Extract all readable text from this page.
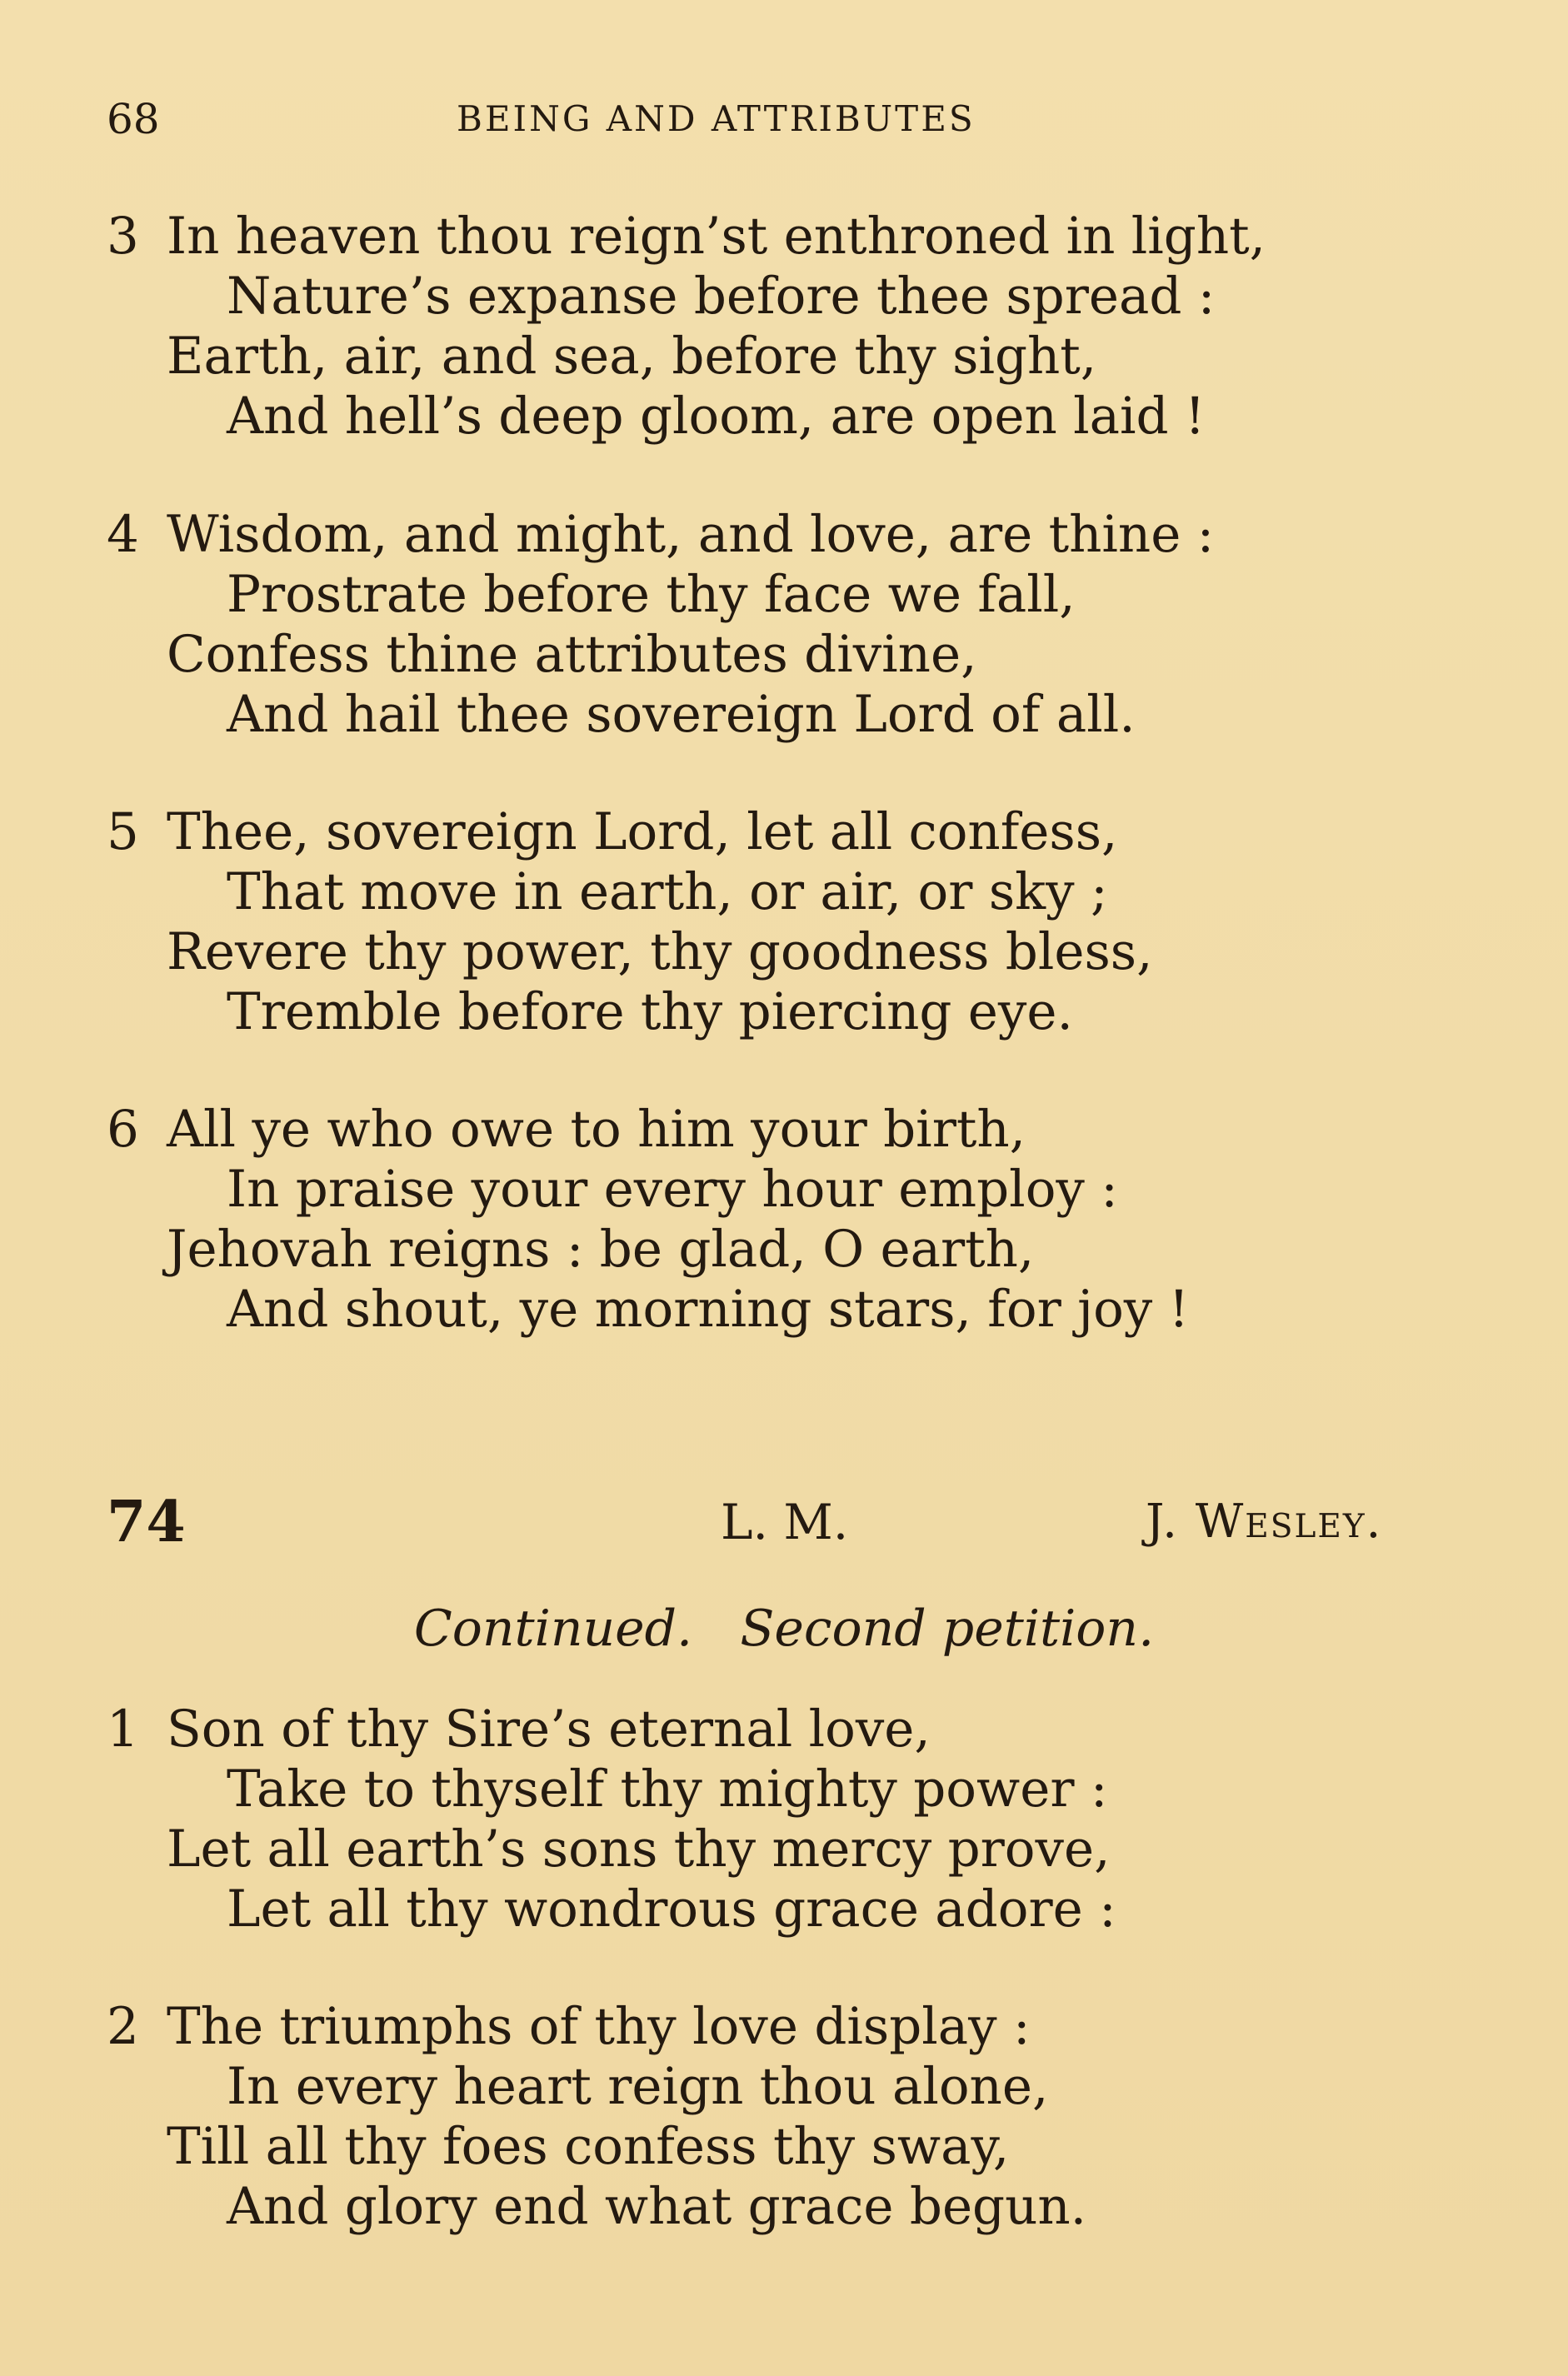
68	BEING AND ATTRIBUTES
3 In heaven thou reign’st enthroned in light,
Nature’s expanse before thee spread :
Earth, air, and sea, before thy sight,
And hell’s deep gloom, are open laid !
4 Wisdom, and might, and love, are thine :
Prostrate before thy face we fall,
Confess thine attributes divine,
And hail thee sovereign Lord of all.
5 Thee, sovereign Lord, let all confess,
That move in earth, or air, or sky ;
Revere thy power, thy goodness bless,
Tremble before thy piercing eye.
6 All ye who owe to him your birth,
In praise your every hour employ :
Jehovah reigns : be glad, O earth,
And shout, ye morning stars, for joy !
74	L. M.	J. Wesley.
Continued.   Second petition.
1 Son of thy Sire’s eternal love,
Take to thyself thy mighty power :
Let all earth’s sons thy mercy prove,
Let all thy wondrous grace adore :
2 The triumphs of thy love display :
In every heart reign thou alone,
Till all thy foes confess thy sway,
And glory end what grace begun.
